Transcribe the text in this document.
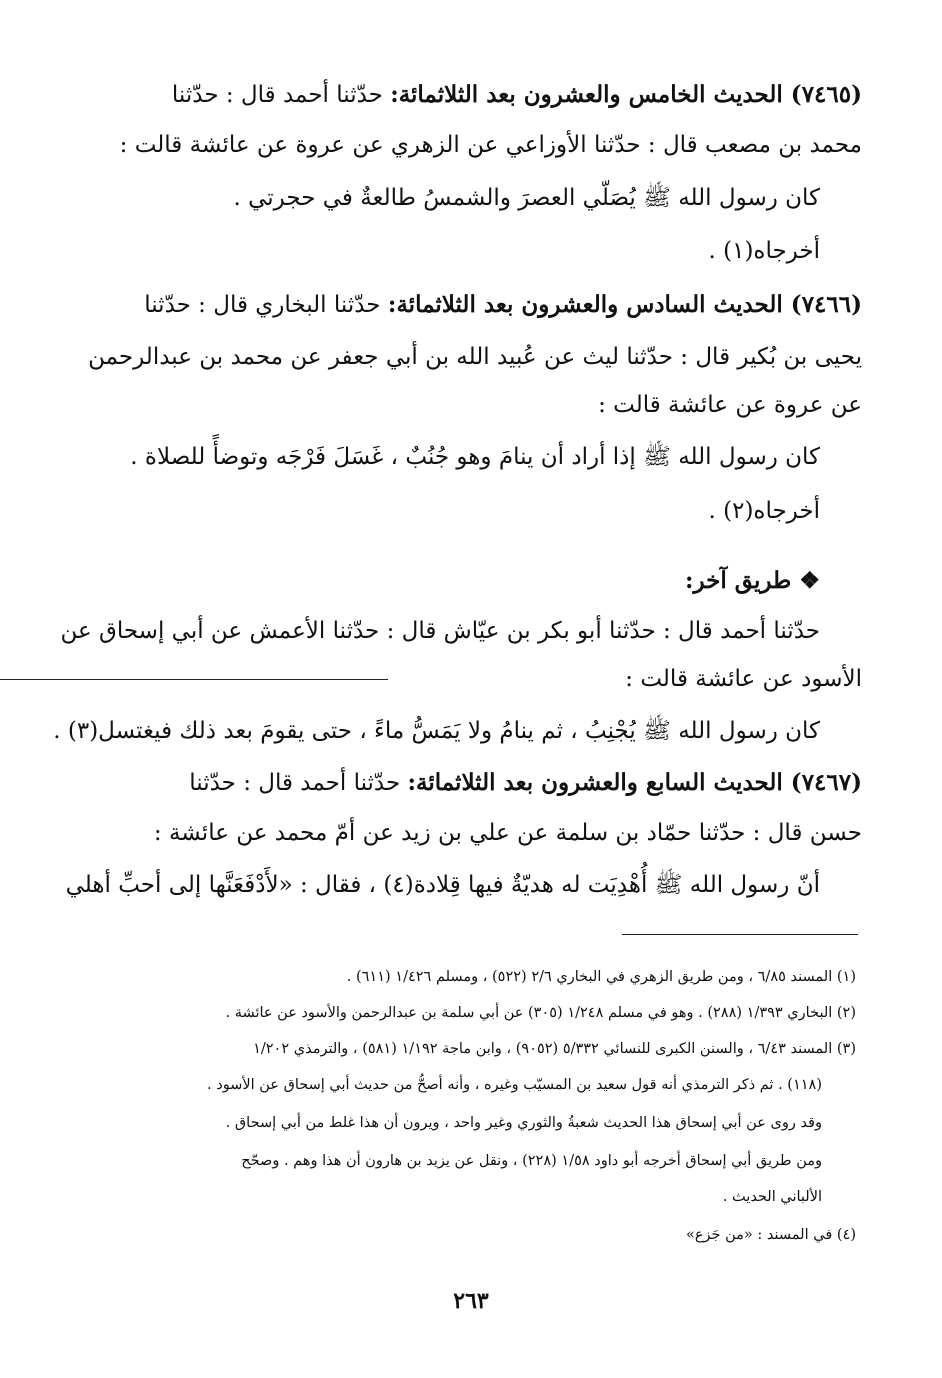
(٧٤٦٥) الحديث الخامس والعشرون بعد الثلاثمائة: حدّثنا أحمد قال : حدّثنا
محمد بن مصعب قال : حدّثنا الأوزاعي عن الزهري عن عروة عن عائشة قالت :
كان رسول الله ﷺ يُصَلّي العصرَ والشمسُ طالعةٌ في حجرتي .
أخرجاه(١) .
(٧٤٦٦) الحديث السادس والعشرون بعد الثلاثمائة: حدّثنا البخاري قال : حدّثنا
يحيى بن بُكير قال : حدّثنا ليث عن عُبيد الله بن أبي جعفر عن محمد بن عبدالرحمن
عن عروة عن عائشة قالت :
كان رسول الله ﷺ إذا أراد أن ينامَ وهو جُنُبٌ ، غَسَلَ فَرْجَه وتوضأً للصلاة .
أخرجاه(٢) .
❖ طريق آخر:
حدّثنا أحمد قال : حدّثنا أبو بكر بن عيّاش قال : حدّثنا الأعمش عن أبي إسحاق عن
الأسود عن عائشة قالت :
كان رسول الله ﷺ يُجْنِبُ ، ثم ينامُ ولا يَمَسُّ ماءً ، حتى يقومَ بعد ذلك فيغتسل(٣) .
(٧٤٦٧) الحديث السابع والعشرون بعد الثلاثمائة: حدّثنا أحمد قال : حدّثنا
حسن قال : حدّثنا حمّاد بن سلمة عن علي بن زيد عن أمّ محمد عن عائشة :
أنّ رسول الله ﷺ أُهْدِيَت له هديّةٌ فيها قِلادة(٤) ، فقال : «لأَدْفَعَنَّها إلى أحبِّ أهلي
(١) المسند ٦/٨٥ ، ومن طريق الزهري في البخاري ٢/٦ (٥٢٢) ، ومسلم ١/٤٢٦ (٦١١) .
(٢) البخاري ١/٣٩٣ (٢٨٨) . وهو في مسلم ١/٢٤٨ (٣٠٥) عن أبي سلمة بن عبدالرحمن والأسود عن عائشة .
(٣) المسند ٦/٤٣ ، والسنن الكبرى للنسائي ٥/٣٣٢ (٩٠٥٢) ، وابن ماجة ١/١٩٢ (٥٨١) ، والترمذي ١/٢٠٢
(١١٨) . ثم ذكر الترمذي أنه قول سعيد بن المسيّب وغيره ، وأنه أصحُّ من حديث أبي إسحاق عن الأسود .
وقد روى عن أبي إسحاق هذا الحديث شعبةُ والثوري وغير واحد ، ويرون أن هذا غلط من أبي إسحاق .
ومن طريق أبي إسحاق أخرجه أبو داود ١/٥٨ (٢٢٨) ، ونقل عن يزيد بن هارون أن هذا وهم . وصحّح
الألباني الحديث .
(٤) في المسند : «من جَزع»
٢٦٣
